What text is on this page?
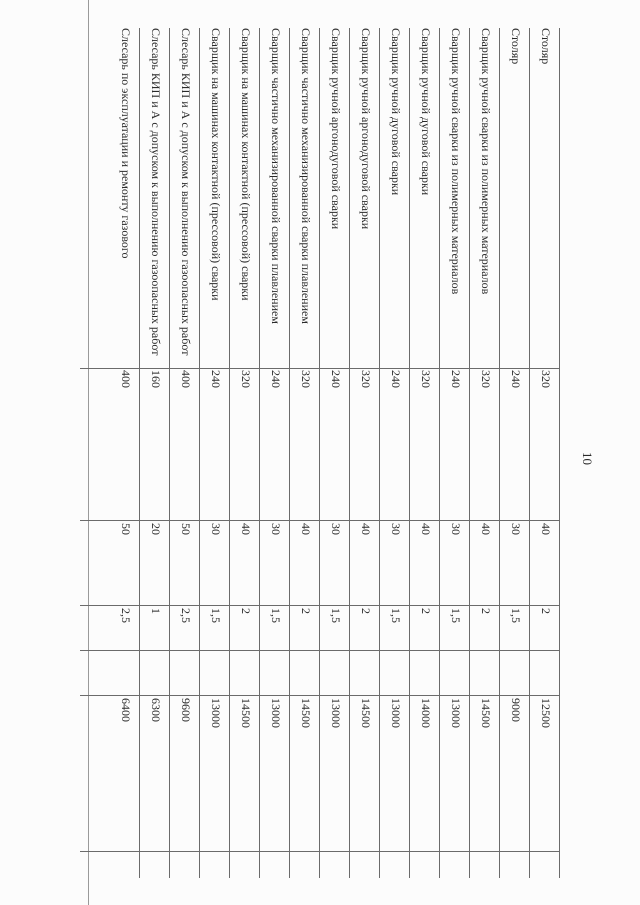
10
Столяр
320
40
2
12500
Столяр
240
30
1,5
9000
Сварщик ручной сварки из полимерных материалов
320
40
2
14500
Сварщик ручной сварки из полимерных материалов
240
30
1,5
13000
Сварщик ручной дуговой сварки
320
40
2
14000
Сварщик ручной дуговой сварки
240
30
1,5
13000
Сварщик ручной аргонодуговой сварки
320
40
2
14500
Сварщик ручной аргонодуговой сварки
240
30
1,5
13000
Сварщик частично механизированной сварки плавлением
320
40
2
14500
Сварщик частично механизированной сварки плавлением
240
30
1,5
13000
Сварщик на машинах контактной (прессовой) сварки
320
40
2
14500
Сварщик на машинах контактной (прессовой) сварки
240
30
1,5
13000
Слесарь КИП и А с допуском к выполнению газоопасных работ
400
50
2,5
9600
Слесарь КИП и А с допуском к выполнению газоопасных работ
160
20
1
6300
Слесарь по эксплуатации и ремонту газового
400
50
2,5
6400
